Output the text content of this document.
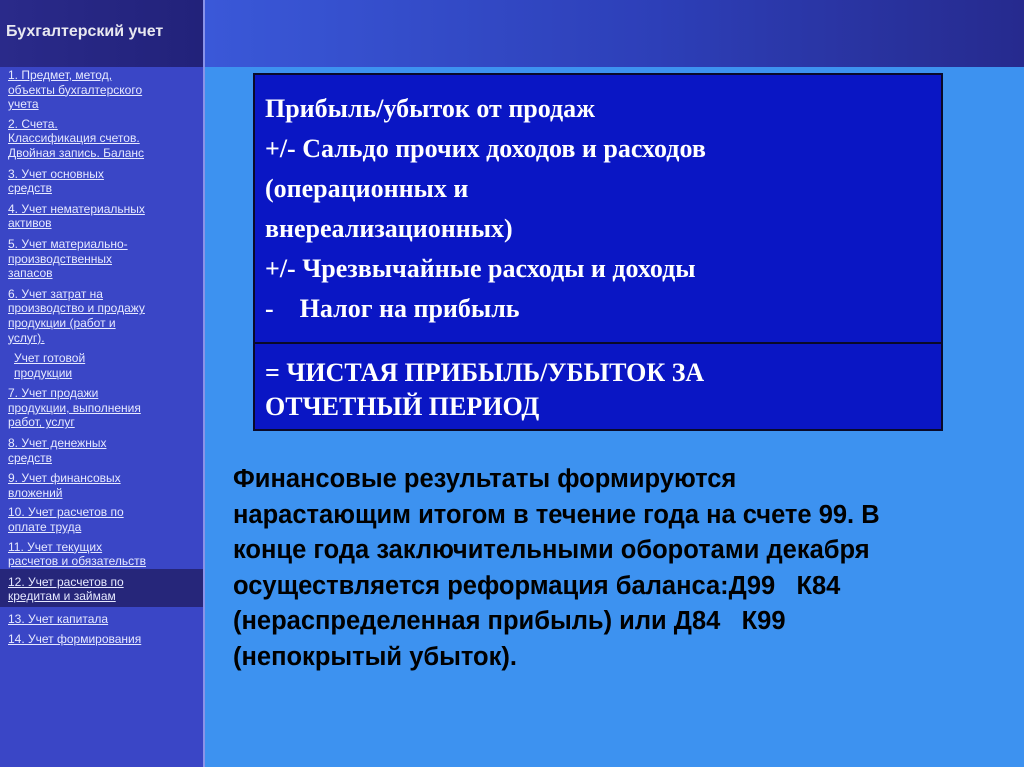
Бухгалтерский учет
1. Предмет, метод,
объекты бухгалтерского
учета
2. Счета.
Классификация счетов.
Двойная запись. Баланс
3. Учет основных
средств
4. Учет нематериальных
активов
5. Учет материально-
производственных
запасов
6. Учет затрат на
производство и продажу
продукции (работ и
услуг).
Учет готовой
продукции
7. Учет продажи
продукции, выполнения
работ, услуг
8. Учет денежных
средств
9. Учет финансовых
вложений
10. Учет расчетов по
оплате труда
11. Учет текущих
расчетов и обязательств
12. Учет расчетов по
кредитам и займам
13. Учет капитала
14. Учет формирования
Прибыль/убыток от продаж
+/- Сальдо прочих доходов и расходов
(операционных и
внереализационных)
+/- Чрезвычайные расходы и доходы
-    Налог на прибыль
= ЧИСТАЯ ПРИБЫЛЬ/УБЫТОК ЗА
ОТЧЕТНЫЙ ПЕРИОД
Финансовые результаты формируются
нарастающим итогом в течение года на счете 99. В
конце года заключительными оборотами декабря
осуществляется реформация баланса:Д99   К84
(нераспределенная прибыль) или Д84   К99
(непокрытый убыток).
